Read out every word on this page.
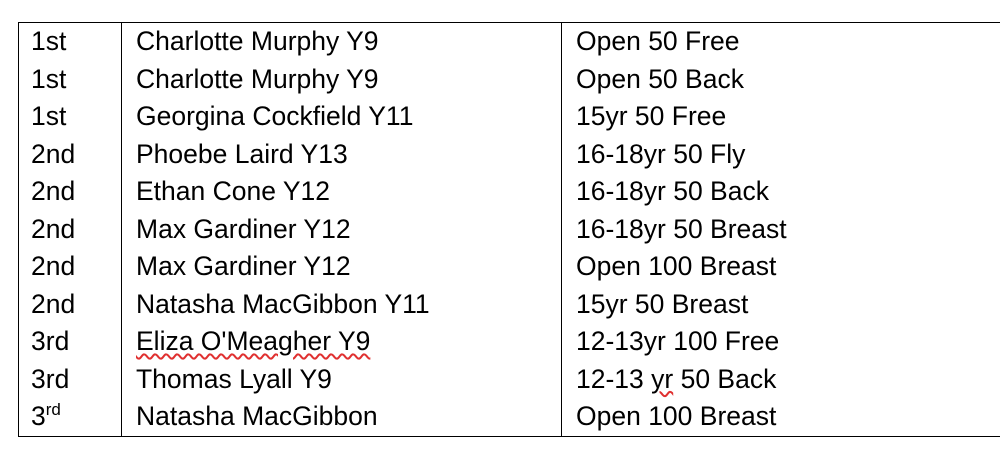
1st	Charlotte Murphy Y9	Open 50 Free
1st	Charlotte Murphy Y9	Open 50 Back
1st	Georgina Cockfield Y11	15yr 50 Free
2nd	Phoebe Laird Y13	16-18yr 50 Fly
2nd	Ethan Cone Y12	16-18yr 50 Back
2nd	Max Gardiner Y12	16-18yr 50 Breast
2nd	Max Gardiner Y12	Open 100 Breast
2nd	Natasha MacGibbon Y11	15yr 50 Breast
3rd	Eliza O'Meagher Y9	12-13yr 100 Free
3rd	Thomas Lyall Y9	12-13 yr 50 Back
3rd	Natasha MacGibbon	Open 100 Breast
